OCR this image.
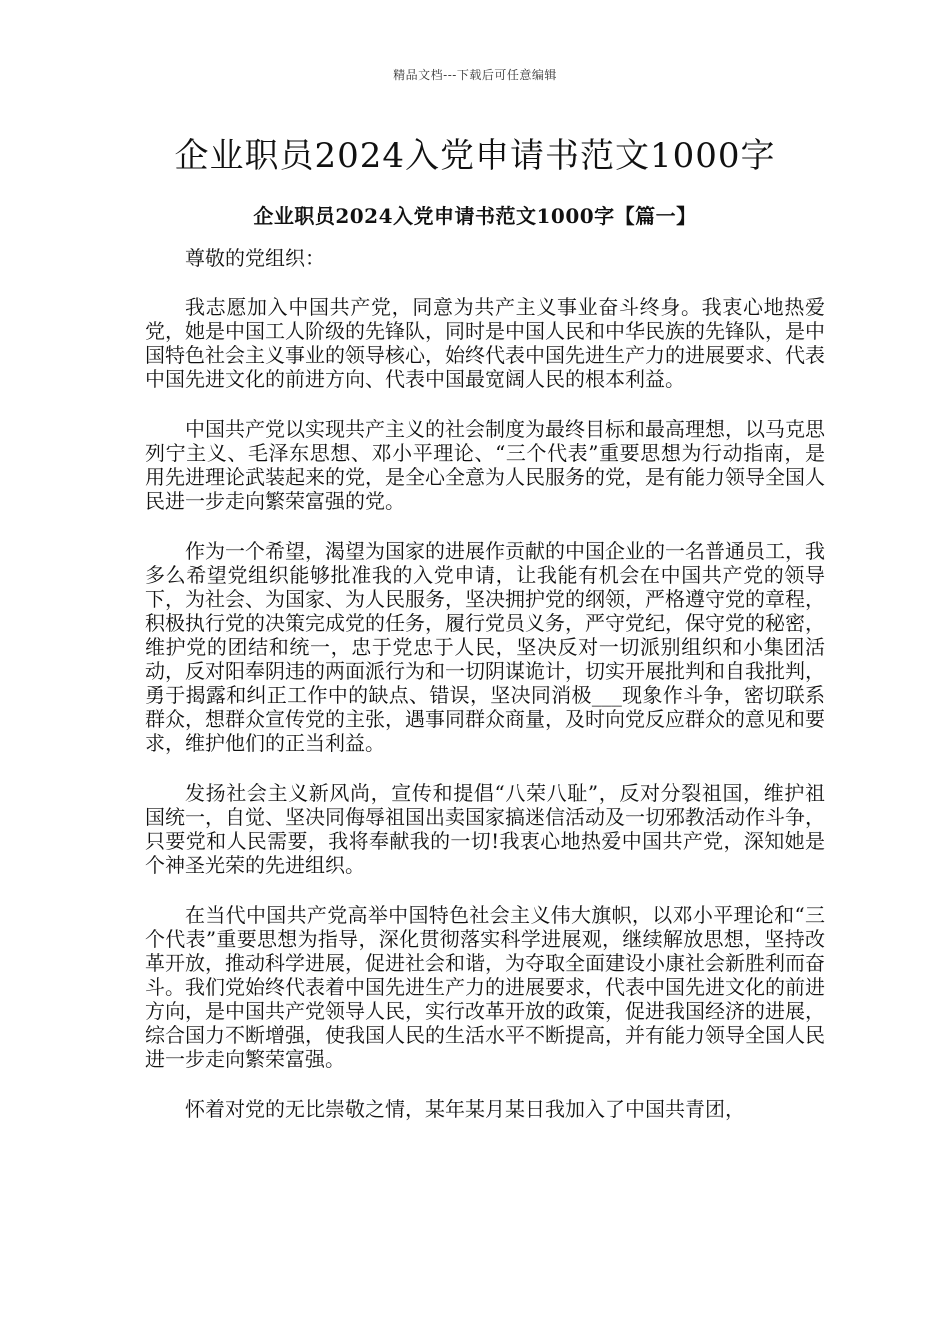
精品文档---下载后可任意编辑
企业职员2024入党申请书范文1000字
企业职员2024入党申请书范文1000字【篇一】

尊敬的党组织：

我志愿加入中国共产党，同意为共产主义事业奋斗终身。我衷心地热爱党，她是中国工人阶级的先锋队，同时是中国人民和中华民族的先锋队，是中国特色社会主义事业的领导核心，始终代表中国先进生产力的进展要求、代表中国先进文化的前进方向、代表中国最宽阔人民的根本利益。

中国共产党以实现共产主义的社会制度为最终目标和最高理想，以马克思列宁主义、毛泽东思想、邓小平理论、“三个代表”重要思想为行动指南，是用先进理论武装起来的党，是全心全意为人民服务的党，是有能力领导全国人民进一步走向繁荣富强的党。

作为一个希望，渴望为国家的进展作贡献的中国企业的一名普通员工，我多么希望党组织能够批准我的入党申请，让我能有机会在中国共产党的领导下，为社会、为国家、为人民服务，坚决拥护党的纲领，严格遵守党的章程，积极执行党的决策完成党的任务，履行党员义务，严守党纪，保守党的秘密，维护党的团结和统一，忠于党忠于人民，坚决反对一切派别组织和小集团活动，反对阳奉阴违的两面派行为和一切阴谋诡计，切实开展批判和自我批判，勇于揭露和纠正工作中的缺点、错误，坚决同消极___现象作斗争，密切联系群众，想群众宣传党的主张，遇事同群众商量，及时向党反应群众的意见和要求，维护他们的正当利益。

发扬社会主义新风尚，宣传和提倡“八荣八耻”，反对分裂祖国，维护祖国统一，自觉、坚决同侮辱祖国出卖国家搞迷信活动及一切邪教活动作斗争，只要党和人民需要，我将奉献我的一切!我衷心地热爱中国共产党，深知她是个神圣光荣的先进组织。

在当代中国共产党高举中国特色社会主义伟大旗帜，以邓小平理论和“三个代表”重要思想为指导，深化贯彻落实科学进展观，继续解放思想，坚持改革开放，推动科学进展，促进社会和谐，为夺取全面建设小康社会新胜利而奋斗。我们党始终代表着中国先进生产力的进展要求，代表中国先进文化的前进方向，是中国共产党领导人民，实行改革开放的政策，促进我国经济的进展，综合国力不断增强，使我国人民的生活水平不断提高，并有能力领导全国人民进一步走向繁荣富强。

怀着对党的无比崇敬之情，某年某月某日我加入了中国共青团，
